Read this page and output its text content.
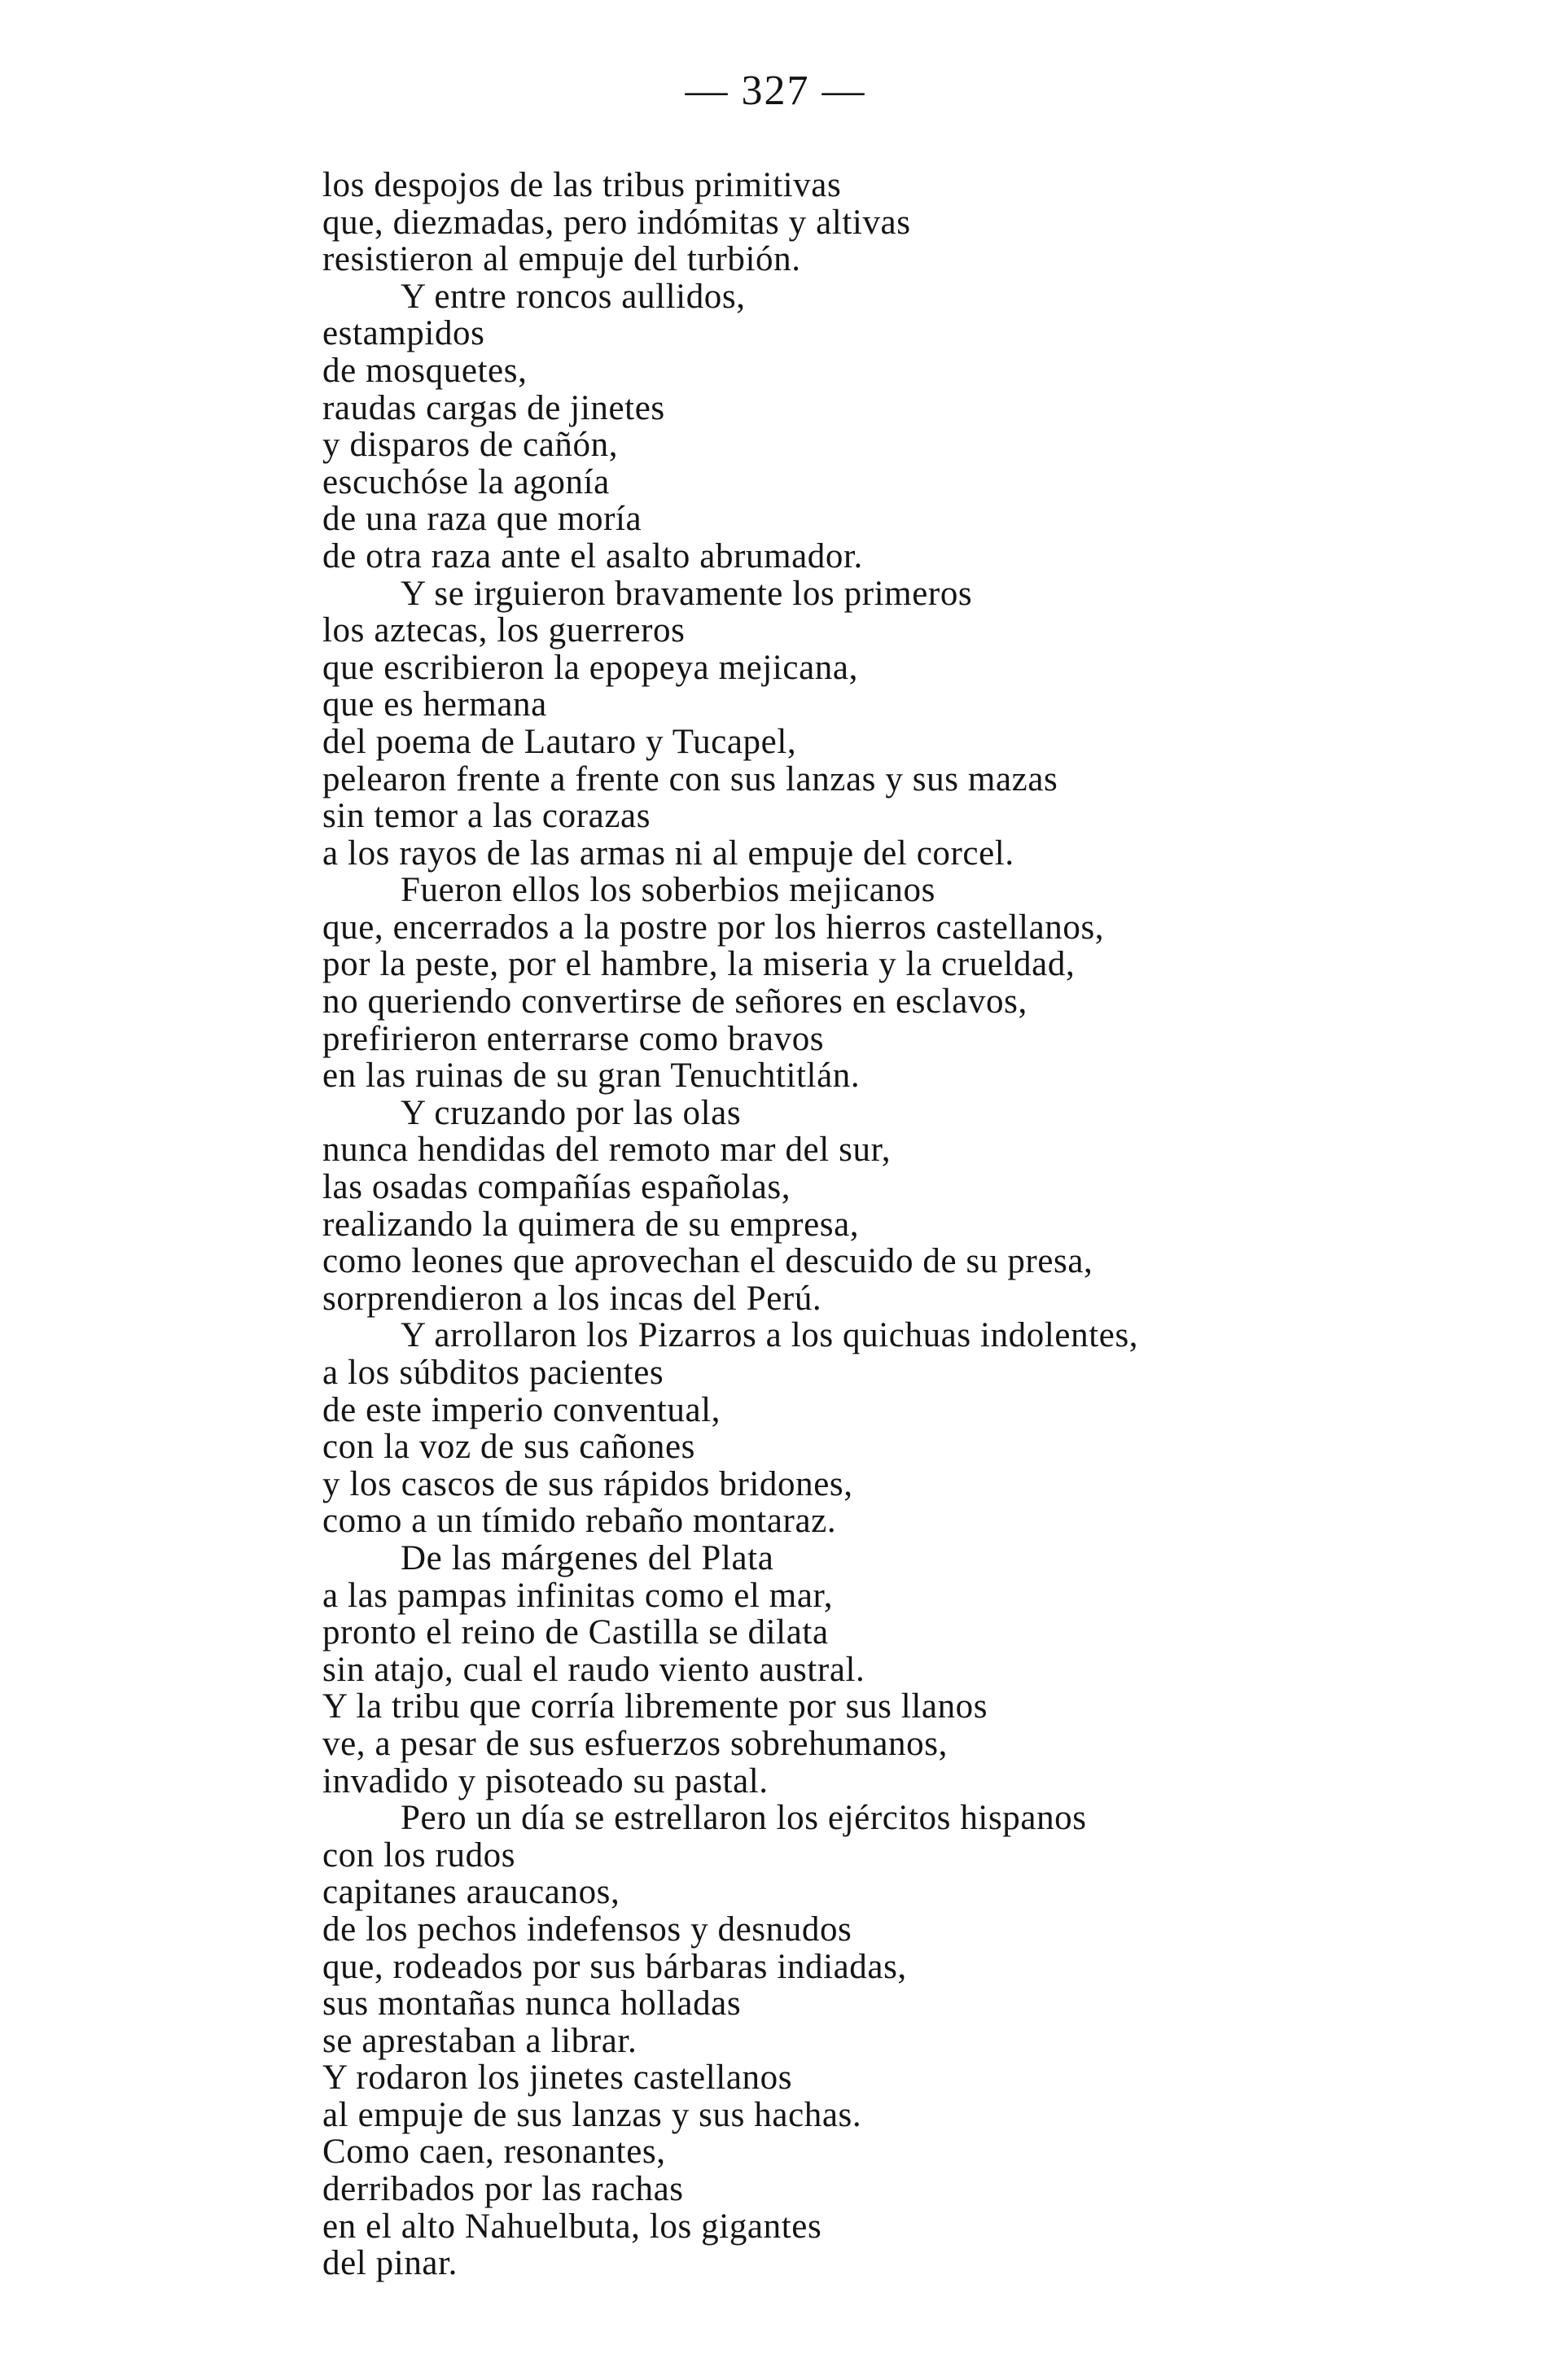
— 327 —
los despojos de las tribus primitivas
que, diezmadas, pero indómitas y altivas
resistieron al empuje del turbión.
Y entre roncos aullidos,
estampidos
de mosquetes,
raudas cargas de jinetes
y disparos de cañón,
escuchóse la agonía
de una raza que moría
de otra raza ante el asalto abrumador.
Y se irguieron bravamente los primeros
los aztecas, los guerreros
que escribieron la epopeya mejicana,
que es hermana
del poema de Lautaro y Tucapel,
pelearon frente a frente con sus lanzas y sus mazas
sin temor a las corazas
a los rayos de las armas ni al empuje del corcel.
Fueron ellos los soberbios mejicanos
que, encerrados a la postre por los hierros castellanos,
por la peste, por el hambre, la miseria y la crueldad,
no queriendo convertirse de señores en esclavos,
prefirieron enterrarse como bravos
en las ruinas de su gran Tenuchtitlán.
Y cruzando por las olas
nunca hendidas del remoto mar del sur,
las osadas compañías españolas,
realizando la quimera de su empresa,
como leones que aprovechan el descuido de su presa,
sorprendieron a los incas del Perú.
Y arrollaron los Pizarros a los quichuas indolentes,
a los súbditos pacientes
de este imperio conventual,
con la voz de sus cañones
y los cascos de sus rápidos bridones,
como a un tímido rebaño montaraz.
De las márgenes del Plata
a las pampas infinitas como el mar,
pronto el reino de Castilla se dilata
sin atajo, cual el raudo viento austral.
Y la tribu que corría libremente por sus llanos
ve, a pesar de sus esfuerzos sobrehumanos,
invadido y pisoteado su pastal.
Pero un día se estrellaron los ejércitos hispanos
con los rudos
capitanes araucanos,
de los pechos indefensos y desnudos
que, rodeados por sus bárbaras indiadas,
sus montañas nunca holladas
se aprestaban a librar.
Y rodaron los jinetes castellanos
al empuje de sus lanzas y sus hachas.
Como caen, resonantes,
derribados por las rachas
en el alto Nahuelbuta, los gigantes
del pinar.
